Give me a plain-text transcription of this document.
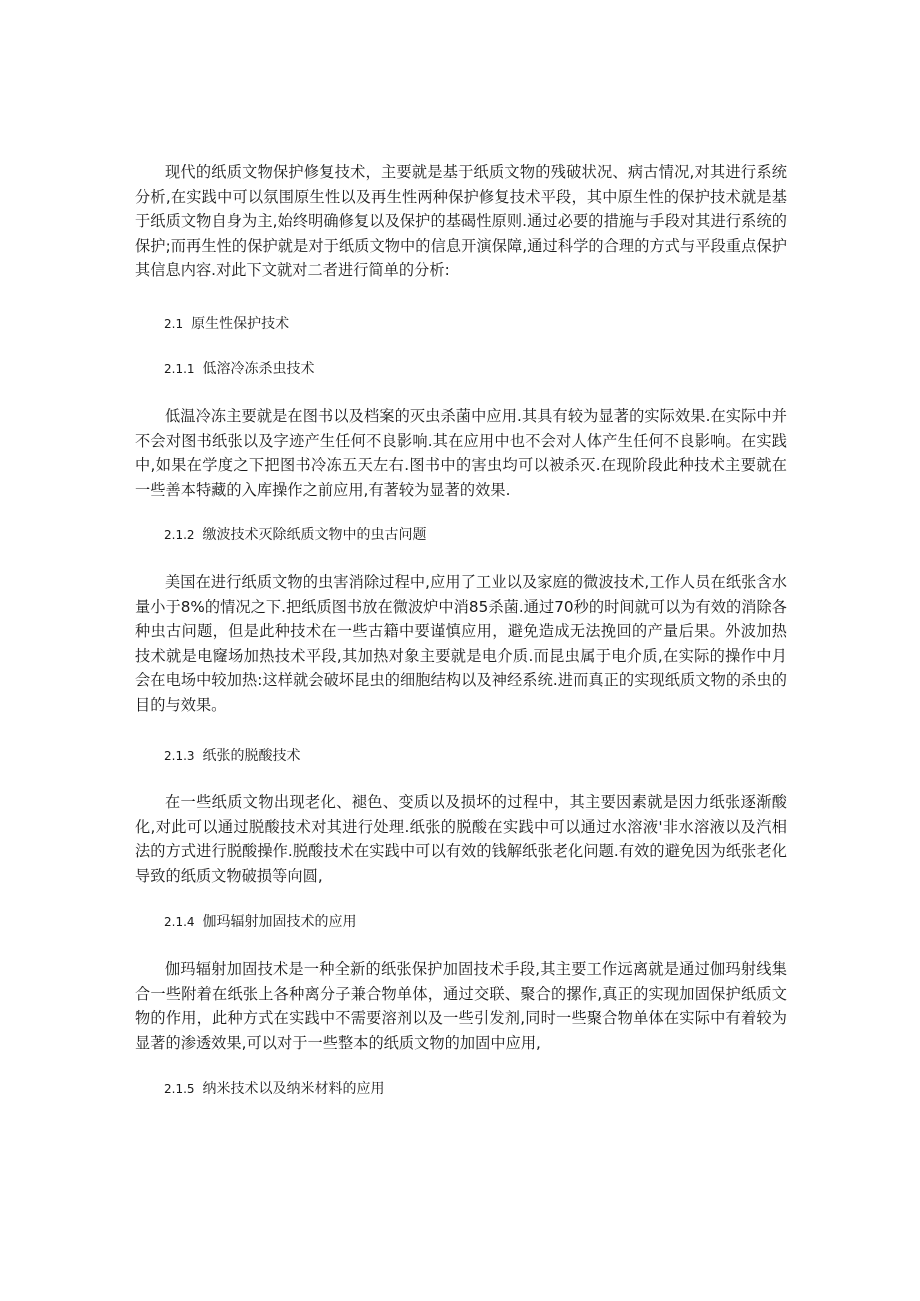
现代的纸质文物保护修复技术，主要就是基于纸质文物的残破状况、病古情况,对其进行系统分析,在实践中可以氛围原生性以及再生性两种保护修复技术平段，其中原生性的保护技术就是基于纸质文物自身为主,始终明确修复以及保护的基碣性原则.通过必要的措施与手段对其进行系统的保护;而再生性的保护就是对于纸质文物中的信息开演保障,通过科学的合理的方式与平段重点保护其信息内容.对此下文就对二者进行简单的分析:

2.1 原生性保护技术
2.1.1 低溶冷冻杀虫技术

低温冷冻主要就是在图书以及档案的灭虫杀菌中应用.其具有较为显著的实际效果.在实际中并不会对图书纸张以及字迹产生任何不良影响.其在应用中也不会对人体产生任何不良影响。在实践中,如果在学度之下把图书冷冻五天左右.图书中的害虫均可以被杀灭.在现阶段此种技术主要就在一些善本特藏的入库操作之前应用,有著较为显著的效果.

2.1.2 缴波技术灭除纸质文物中的虫古问题

美国在进行纸质文物的虫害消除过程中,应用了工业以及家庭的微波技术,工作人员在纸张含水量小于8%的情况之下.把纸质图书放在微波炉中消85杀菌.通过70秒的时间就可以为有效的消除各种虫古问题，但是此种技术在一些古籍中要谨慎应用，避免造成无法挽回的产量后果。外波加热技术就是电窿场加热技术平段,其加热对象主要就是电介质.而昆虫属于电介质,在实际的操作中月会在电场中较加热:这样就会破坏昆虫的细胞结构以及神经系统.进而真正的实现纸质文物的杀虫的目的与效果。

2.1.3 纸张的脱酸技术

在一些纸质文物出现老化、褪色、变质以及损坏的过程中，其主要因素就是因力纸张逐渐酸化,对此可以通过脱酸技术对其进行处理.纸张的脱酸在实践中可以通过水溶液'非水溶液以及汽相法的方式进行脱酸操作.脱酸技术在实践中可以有效的钱解纸张老化问题.有效的避免因为纸张老化导致的纸质文物破损等向圆,

2.1.4 伽玛辐射加固技术的应用

伽玛辐射加固技术是一种全新的纸张保护加固技术手段,其主要工作远离就是通过伽玛射线集合一些附着在纸张上各种离分子兼合物单体，通过交联、聚合的摞作,真正的实现加固保护纸质文物的作用，此种方式在实践中不需要溶剂以及一些引发剂,同时一些聚合物单体在实际中有着较为显著的渗透效果,可以对于一些整本的纸质文物的加固中应用,

2.1.5 纳米技术以及纳米材料的应用
